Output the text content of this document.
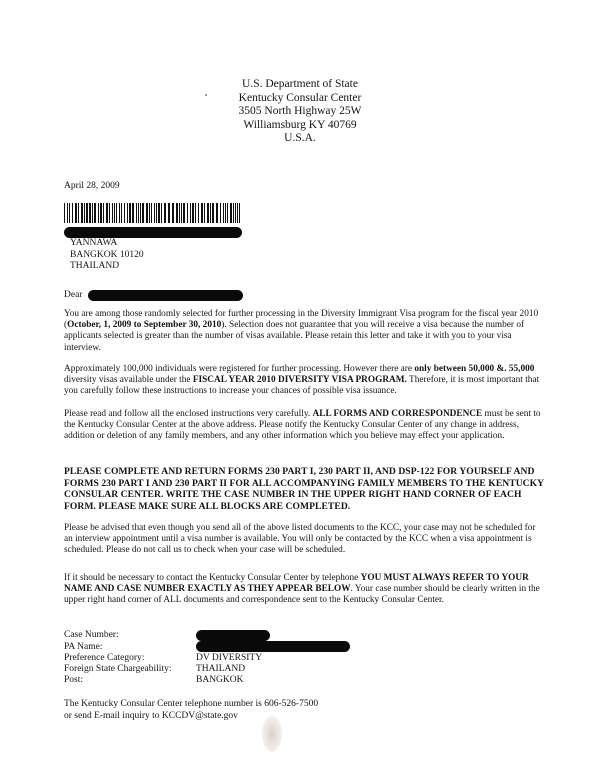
U.S. Department of State
Kentucky Consular Center
3505 North Highway 25W
Williamsburg KY 40769
U.S.A.
April 28, 2009
YANNAWA
BANGKOK 10120
THAILAND
Dear
You are among those randomly selected for further processing in the Diversity Immigrant Visa program for the fiscal year 2010 (October, 1, 2009 to September 30, 2010). Selection does not guarantee that you will receive a visa because the number of applicants selected is greater than the number of visas available. Please retain this letter and take it with you to your visa interview.
Approximately 100,000 individuals were registered for further processing. However there are only between 50,000 &. 55,000 diversity visas available under the FISCAL YEAR 2010 DIVERSITY VISA PROGRAM. Therefore, it is most important that you carefully follow these instructions to increase your chances of possible visa issuance.
Please read and follow all the enclosed instructions very carefully. ALL FORMS AND CORRESPONDENCE must be sent to the Kentucky Consular Center at the above address. Please notify the Kentucky Consular Center of any change in address, addition or deletion of any family members, and any other information which you believe may effect your application.
PLEASE COMPLETE AND RETURN FORMS 230 PART I, 230 PART II, AND DSP-122 FOR YOURSELF AND FORMS 230 PART I AND 230 PART II FOR ALL ACCOMPANYING FAMILY MEMBERS TO THE KENTUCKY CONSULAR CENTER. WRITE THE CASE NUMBER IN THE UPPER RIGHT HAND CORNER OF EACH FORM. PLEASE MAKE SURE ALL BLOCKS ARE COMPLETED.
Please be advised that even though you send all of the above listed documents to the KCC, your case may not be scheduled for an interview appointment until a visa number is available. You will only be contacted by the KCC when a visa appointment is scheduled. Please do not call us to check when your case will be scheduled.
If it should be necessary to contact the Kentucky Consular Center by telephone YOU MUST ALWAYS REFER TO YOUR NAME AND CASE NUMBER EXACTLY AS THEY APPEAR BELOW. Your case number should be clearly written in the upper right hand corner of ALL documents and correspondence sent to the Kentucky Consular Center.
Case Number:
PA Name:
Preference Category:	DV DIVERSITY
Foreign State Chargeability:	THAILAND
Post:	BANGKOK
The Kentucky Consular Center telephone number is 606-526-7500
or send E-mail inquiry to KCCDV@state.gov
